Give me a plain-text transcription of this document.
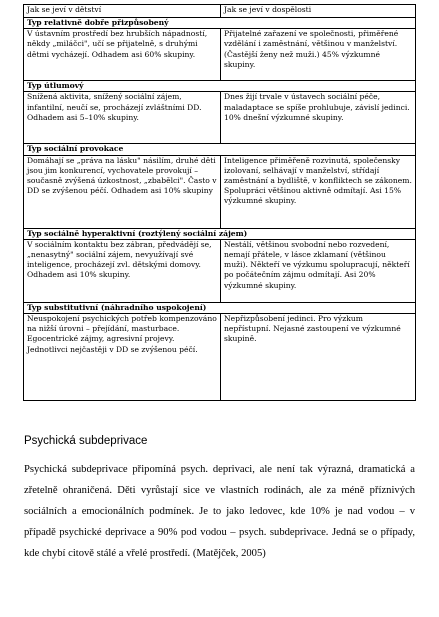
Jak se jeví v dětství	Jak se jeví v dospělosti
Typ relativně dobře přizpůsobený	
V ústavním prostředí bez hrubších nápadností, někdy „miláčci", učí se přijatelně, s druhými dětmi vycházejí. Odhadem asi 60% skupiny.	Přijatelné zařazení ve společnosti, přiměřené vzdělání i zaměstnání, většinou v manželství. (Častější ženy než muži.) 45% výzkumné skupiny.
Typ útlumový	
Snížená aktivita, snížený sociální zájem, infantilní, neučí se, procházejí zvláštními DD. Odhadem asi 5–10% skupiny.	Dnes žijí trvale v ústavech sociální péče, maladaptace se spíše prohlubuje, závislí jedinci. 10% dnešní výzkumné skupiny.
Typ sociální provokace	
Domáhají se „práva na lásku" násilím, druhé děti jsou jim konkurencí, vychovatele provokují – současně zvýšená úzkostnost, „zbabělci". Často v DD se zvýšenou péčí. Odhadem asi 10% skupiny	Inteligence přiměřeně rozvinutá, společensky izolovaní, selhávají v manželství, střídají zaměstnání a bydliště, v konfliktech se zákonem. Spolupráci většinou aktivně odmítají. Asi 15% výzkumné skupiny.
Typ sociálně hyperaktivní (roztýlený sociální zájem)	
V sociálním kontaktu bez zábran, předvádějí se, „nenasytný" sociální zájem, nevyužívají své inteligence, procházejí zvl. dětskými domovy. Odhadem asi 10% skupiny.	Nestálí, většinou svobodní nebo rozvedení, nemají přátele, v lásce zklamaní (většinou muži). Někteří ve výzkumu spolupracují, někteří po počátečním zájmu odmítají. Asi 20% výzkumné skupiny.
Typ substitutivní (náhradního uspokojení)	
Neuspokojení psychických potřeb kompenzováno na nižší úrovni – přejídání, masturbace. Egocentrické zájmy, agresivní projevy. Jednotlivci nejčastěji v DD se zvýšenou péčí.	Nepřizpůsobení jedinci. Pro výzkum nepřístupní. Nejasné zastoupení ve výzkumné skupině.
Psychická subdeprivace

Psychická subdeprivace připomíná psych. deprivaci, ale není tak výrazná, dramatická a zřetelně ohraničená. Děti vyrůstají sice ve vlastních rodinách, ale za méně příznivých sociálních a emocionálních podmínek. Je to jako ledovec, kde 10% je nad vodou – v případě psychické deprivace a 90% pod vodou – psych. subdeprivace. Jedná se o případy, kde chybí citově stálé a vřelé prostředí. (Matějček, 2005)
